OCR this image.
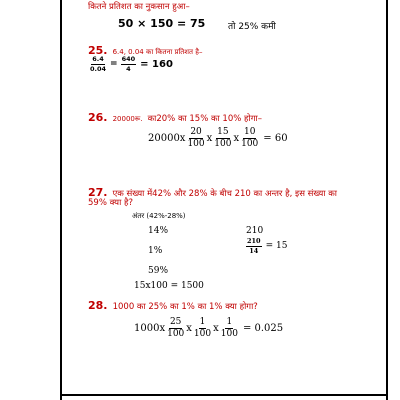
कितने प्रतिशत का नुकसान हुआ–
50 × 150 = 75	तो 25% कमी
25. 6.4, 0.04 का कितना प्रतिशत है–
$\frac{6.4}{0.04} = \frac{640}{4} = 160$
26. 20000रू. का20% का 15% का 10% होगा–
$20000x \frac{20}{100}$ x $\frac{15}{100}$ x $\frac{10}{100} = 60$
27. एक संख्या में42% और 28% के बीच 210 का अन्तर है, इस संख्या का
59% क्या है?
अंतर (42%-28%)
14%
1%
59%
15x100 = 1500
210
$\frac{210}{14} = 15$
28. 1000 का 25% का 1% का 1% क्या होगा?
$1000x \frac{25}{100}$ x $\frac{1}{100}$ x $\frac{1}{100} = 0.025$
